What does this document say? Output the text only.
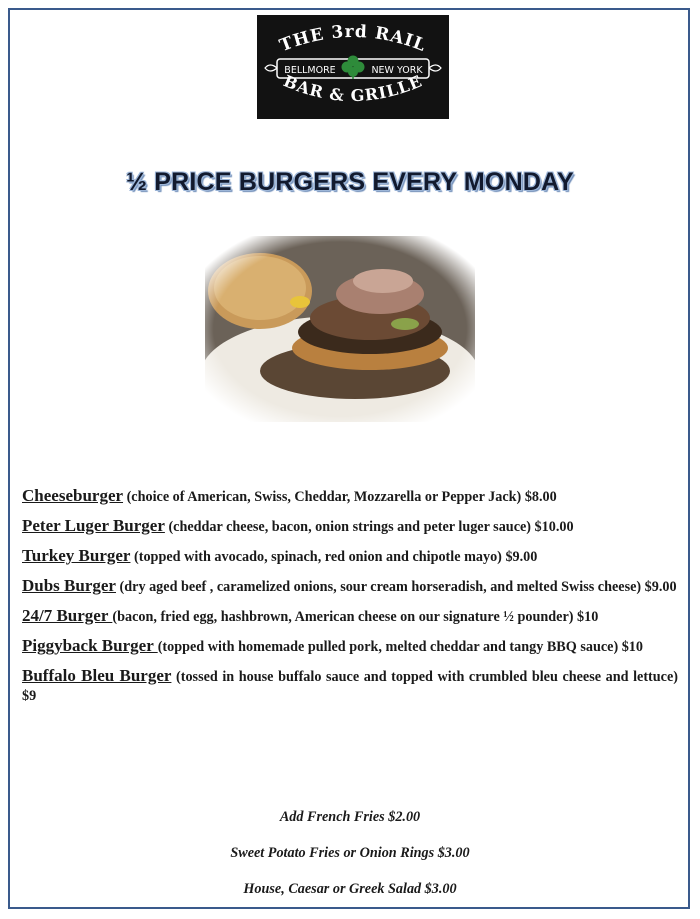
THE 3rd RAIL
BELLMORE	NEW YORK
BAR & GRILLE
½ PRICE BURGERS EVERY MONDAY
Cheeseburger (choice of American, Swiss, Cheddar, Mozzarella or Pepper Jack) $8.00
Peter Luger Burger (cheddar cheese, bacon, onion strings and peter luger sauce) $10.00
Turkey Burger (topped with avocado, spinach, red onion and chipotle mayo) $9.00
Dubs Burger (dry aged beef , caramelized onions, sour cream horseradish, and melted Swiss cheese) $9.00
24/7 Burger (bacon, fried egg, hashbrown, American cheese on our signature ½ pounder) $10
Piggyback Burger (topped with homemade pulled pork, melted cheddar and tangy BBQ sauce) $10
Buffalo Bleu Burger (tossed in house buffalo sauce and topped with crumbled bleu cheese and lettuce) $9
Add French Fries $2.00
Sweet Potato Fries or Onion Rings $3.00
House, Caesar or Greek Salad $3.00
